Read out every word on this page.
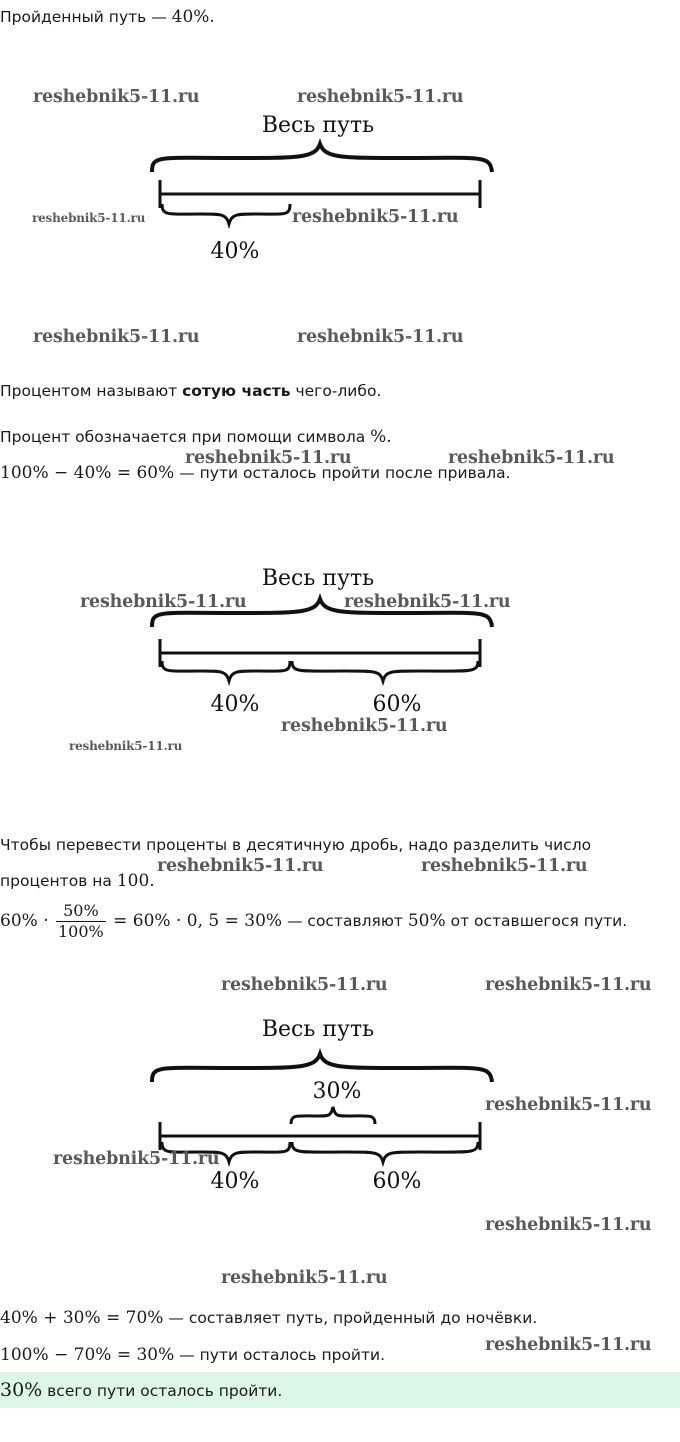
Пройденный путь — 40%.
Весь путь
40%
Процентом называют сотую часть чего-либо.
Процент обозначается при помощи символа %.
100% − 40% = 60% — пути осталось пройти после привала.
Весь путь
40%	60%
Чтобы перевести проценты в десятичную дробь, надо разделить число
процентов на 100.
$60\% \cdot \frac{50\%}{100\%} = 60\% \cdot 0$, 5 = 30% — составляют 50% от оставшегося пути.
Весь путь
30%
40%	60%
40% + 30% = 70% — составляет путь, пройденный до ночёвки.
100% − 70% = 30% — пути осталось пройти.
30% всего пути осталось пройти.
reshebnik5-11.ru	reshebnik5-11.ru
reshebnik5-11.ru	reshebnik5-11.ru
reshebnik5-11.ru	reshebnik5-11.ru
reshebnik5-11.ru	reshebnik5-11.ru
reshebnik5-11.ru	reshebnik5-11.ru
reshebnik5-11.ru
reshebnik5-11.ru
reshebnik5-11.ru	reshebnik5-11.ru
reshebnik5-11.ru	reshebnik5-11.ru
reshebnik5-11.ru
reshebnik5-11.ru
reshebnik5-11.ru
reshebnik5-11.ru
reshebnik5-11.ru
